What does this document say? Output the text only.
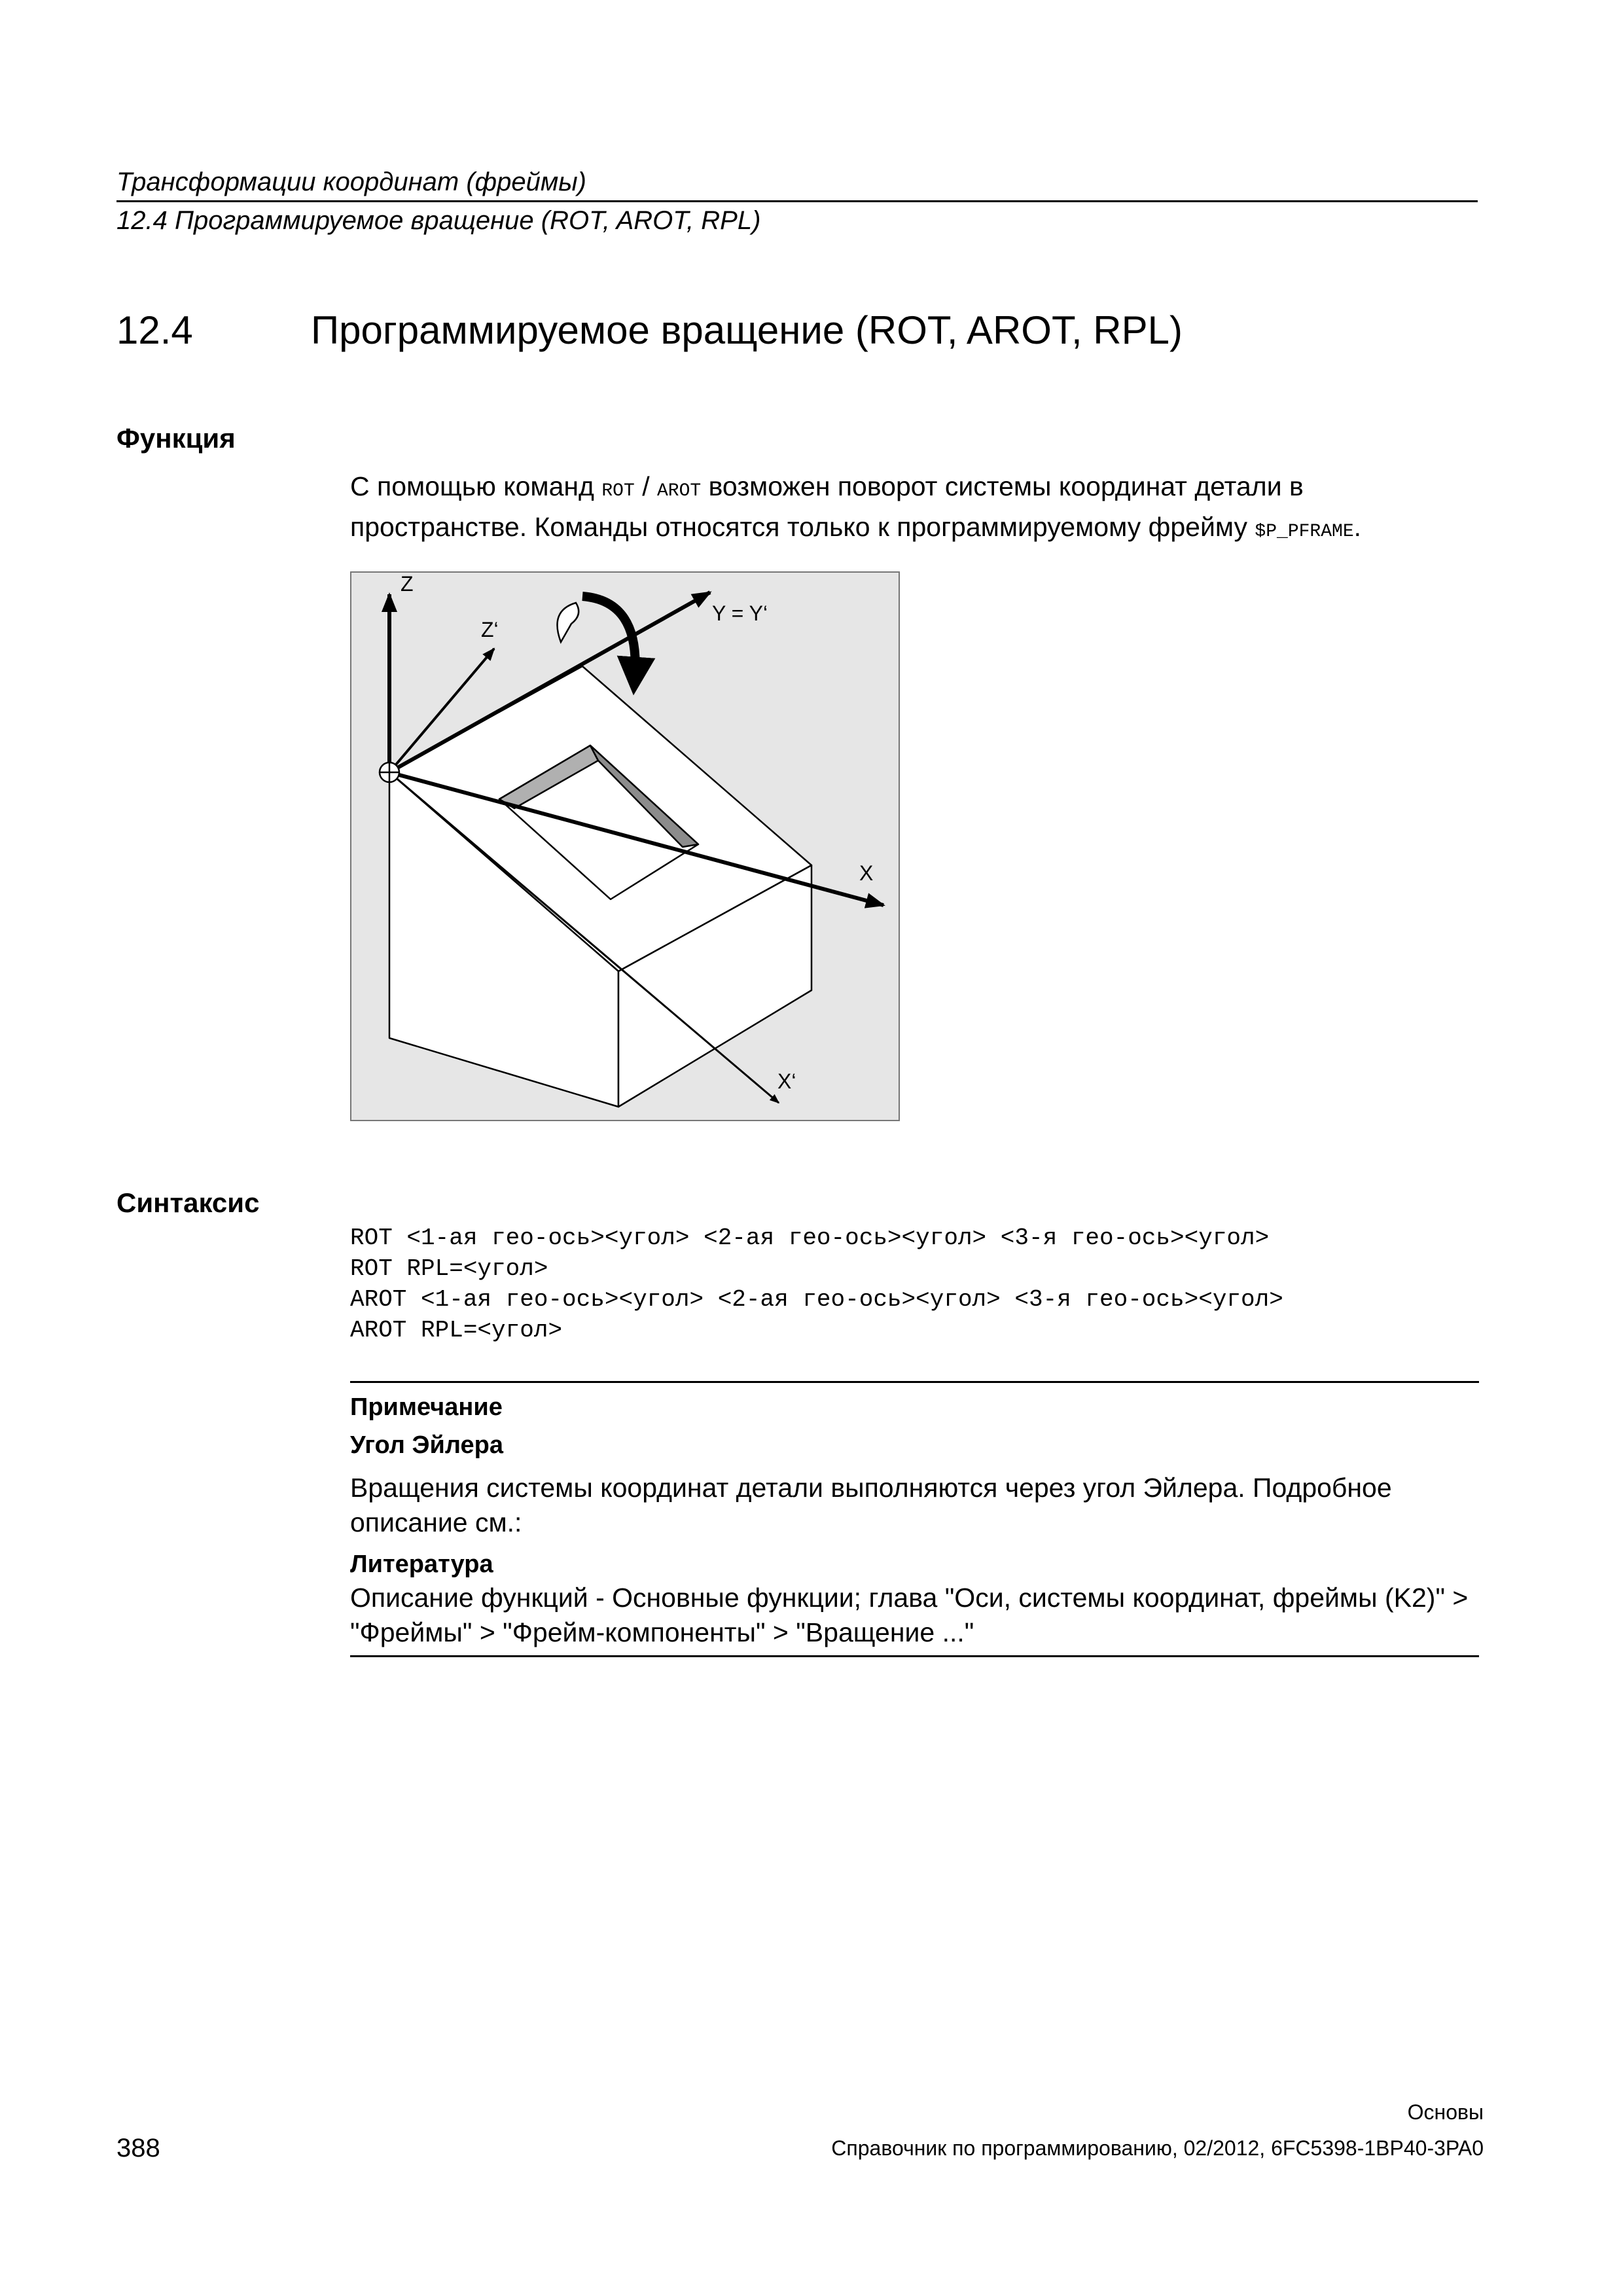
Трансформации координат (фреймы)
12.4 Программируемое вращение (ROT, AROT, RPL)
12.4	Программируемое вращение (ROT, AROT, RPL)
Функция
С помощью команд ROT / AROT возможен поворот системы координат детали в пространстве. Команды относятся только к программируемому фрейму $P_PFRAME.
Z
Z‘
Y = Y‘
X
X‘
Синтаксис
ROT <1-ая гео-ось><угол> <2-ая гео-ось><угол> <3-я гео-ось><угол>
ROT RPL=<угол>
AROT <1-ая гео-ось><угол> <2-ая гео-ось><угол> <3-я гео-ось><угол>
AROT RPL=<угол>
Примечание
Угол Эйлера
Вращения системы координат детали выполняются через угол Эйлера. Подробное описание см.:
Литература
Описание функций - Основные функции; глава "Оси, системы координат, фреймы (K2)" > "Фреймы" > "Фрейм-компоненты" > "Вращение ..."
Основы
388	Справочник по программированию, 02/2012, 6FC5398-1BP40-3PA0
